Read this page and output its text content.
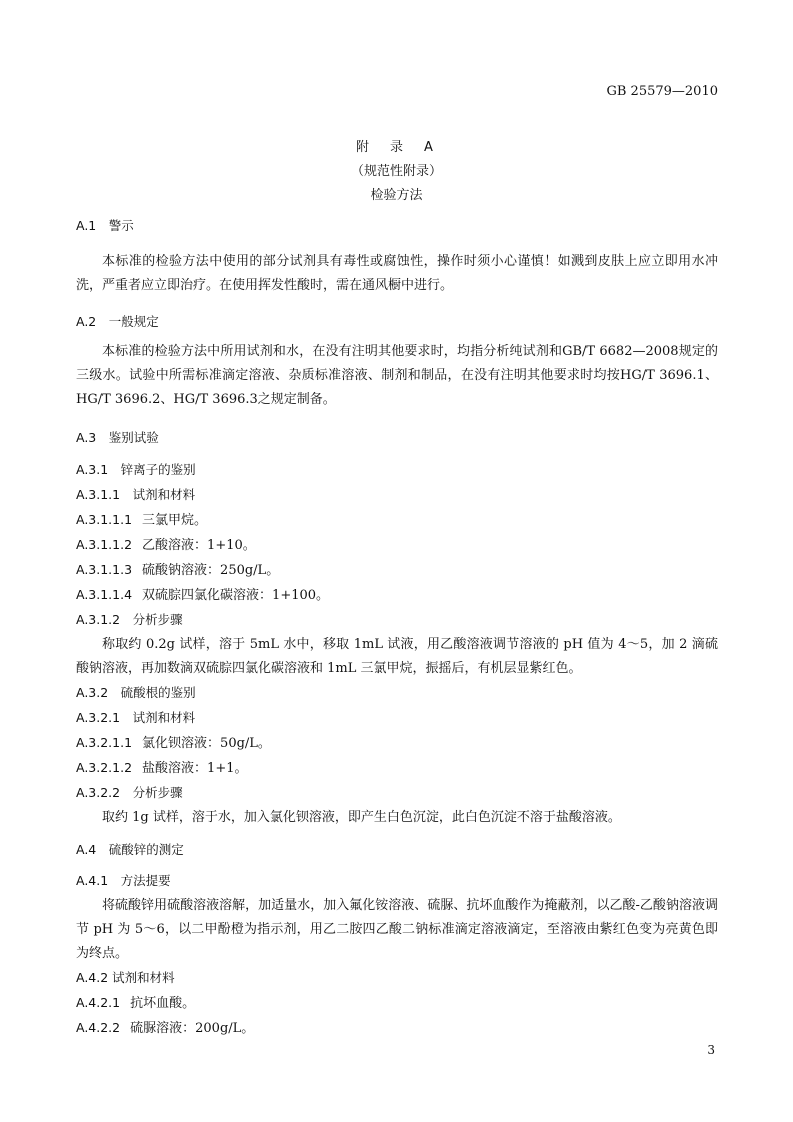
GB 25579—2010
附　录　A
（规范性附录）
检验方法

A.1　警示

本标准的检验方法中使用的部分试剂具有毒性或腐蚀性，操作时须小心谨慎！如溅到皮肤上应立即用水冲洗，严重者应立即治疗。在使用挥发性酸时，需在通风橱中进行。

A.2　一般规定

本标准的检验方法中所用试剂和水，在没有注明其他要求时，均指分析纯试剂和GB/T 6682—2008规定的三级水。试验中所需标准滴定溶液、杂质标准溶液、制剂和制品，在没有注明其他要求时均按HG/T 3696.1、HG/T 3696.2、HG/T 3696.3之规定制备。

A.3　鉴别试验

A.3.1　锌离子的鉴别

A.3.1.1　试剂和材料

A.3.1.1.1 三氯甲烷。

A.3.1.1.2 乙酸溶液：1+10。

A.3.1.1.3 硫酸钠溶液：250g/L。

A.3.1.1.4 双硫腙四氯化碳溶液：1+100。

A.3.1.2　分析步骤

称取约 0.2g 试样，溶于 5mL 水中，移取 1mL 试液，用乙酸溶液调节溶液的 pH 值为 4～5，加 2 滴硫酸钠溶液，再加数滴双硫腙四氯化碳溶液和 1mL 三氯甲烷，振摇后，有机层显紫红色。

A.3.2　硫酸根的鉴别

A.3.2.1　试剂和材料

A.3.2.1.1 氯化钡溶液：50g/L。

A.3.2.1.2 盐酸溶液：1+1。

A.3.2.2　分析步骤

取约 1g 试样，溶于水，加入氯化钡溶液，即产生白色沉淀，此白色沉淀不溶于盐酸溶液。

A.4　硫酸锌的测定

A.4.1　方法提要

将硫酸锌用硫酸溶液溶解，加适量水，加入氟化铵溶液、硫脲、抗坏血酸作为掩蔽剂，以乙酸-乙酸钠溶液调节 pH 为 5～6，以二甲酚橙为指示剂，用乙二胺四乙酸二钠标准滴定溶液滴定，至溶液由紫红色变为亮黄色即为终点。

A.4.2 试剂和材料

A.4.2.1 抗坏血酸。

A.4.2.2 硫脲溶液：200g/L。

3
